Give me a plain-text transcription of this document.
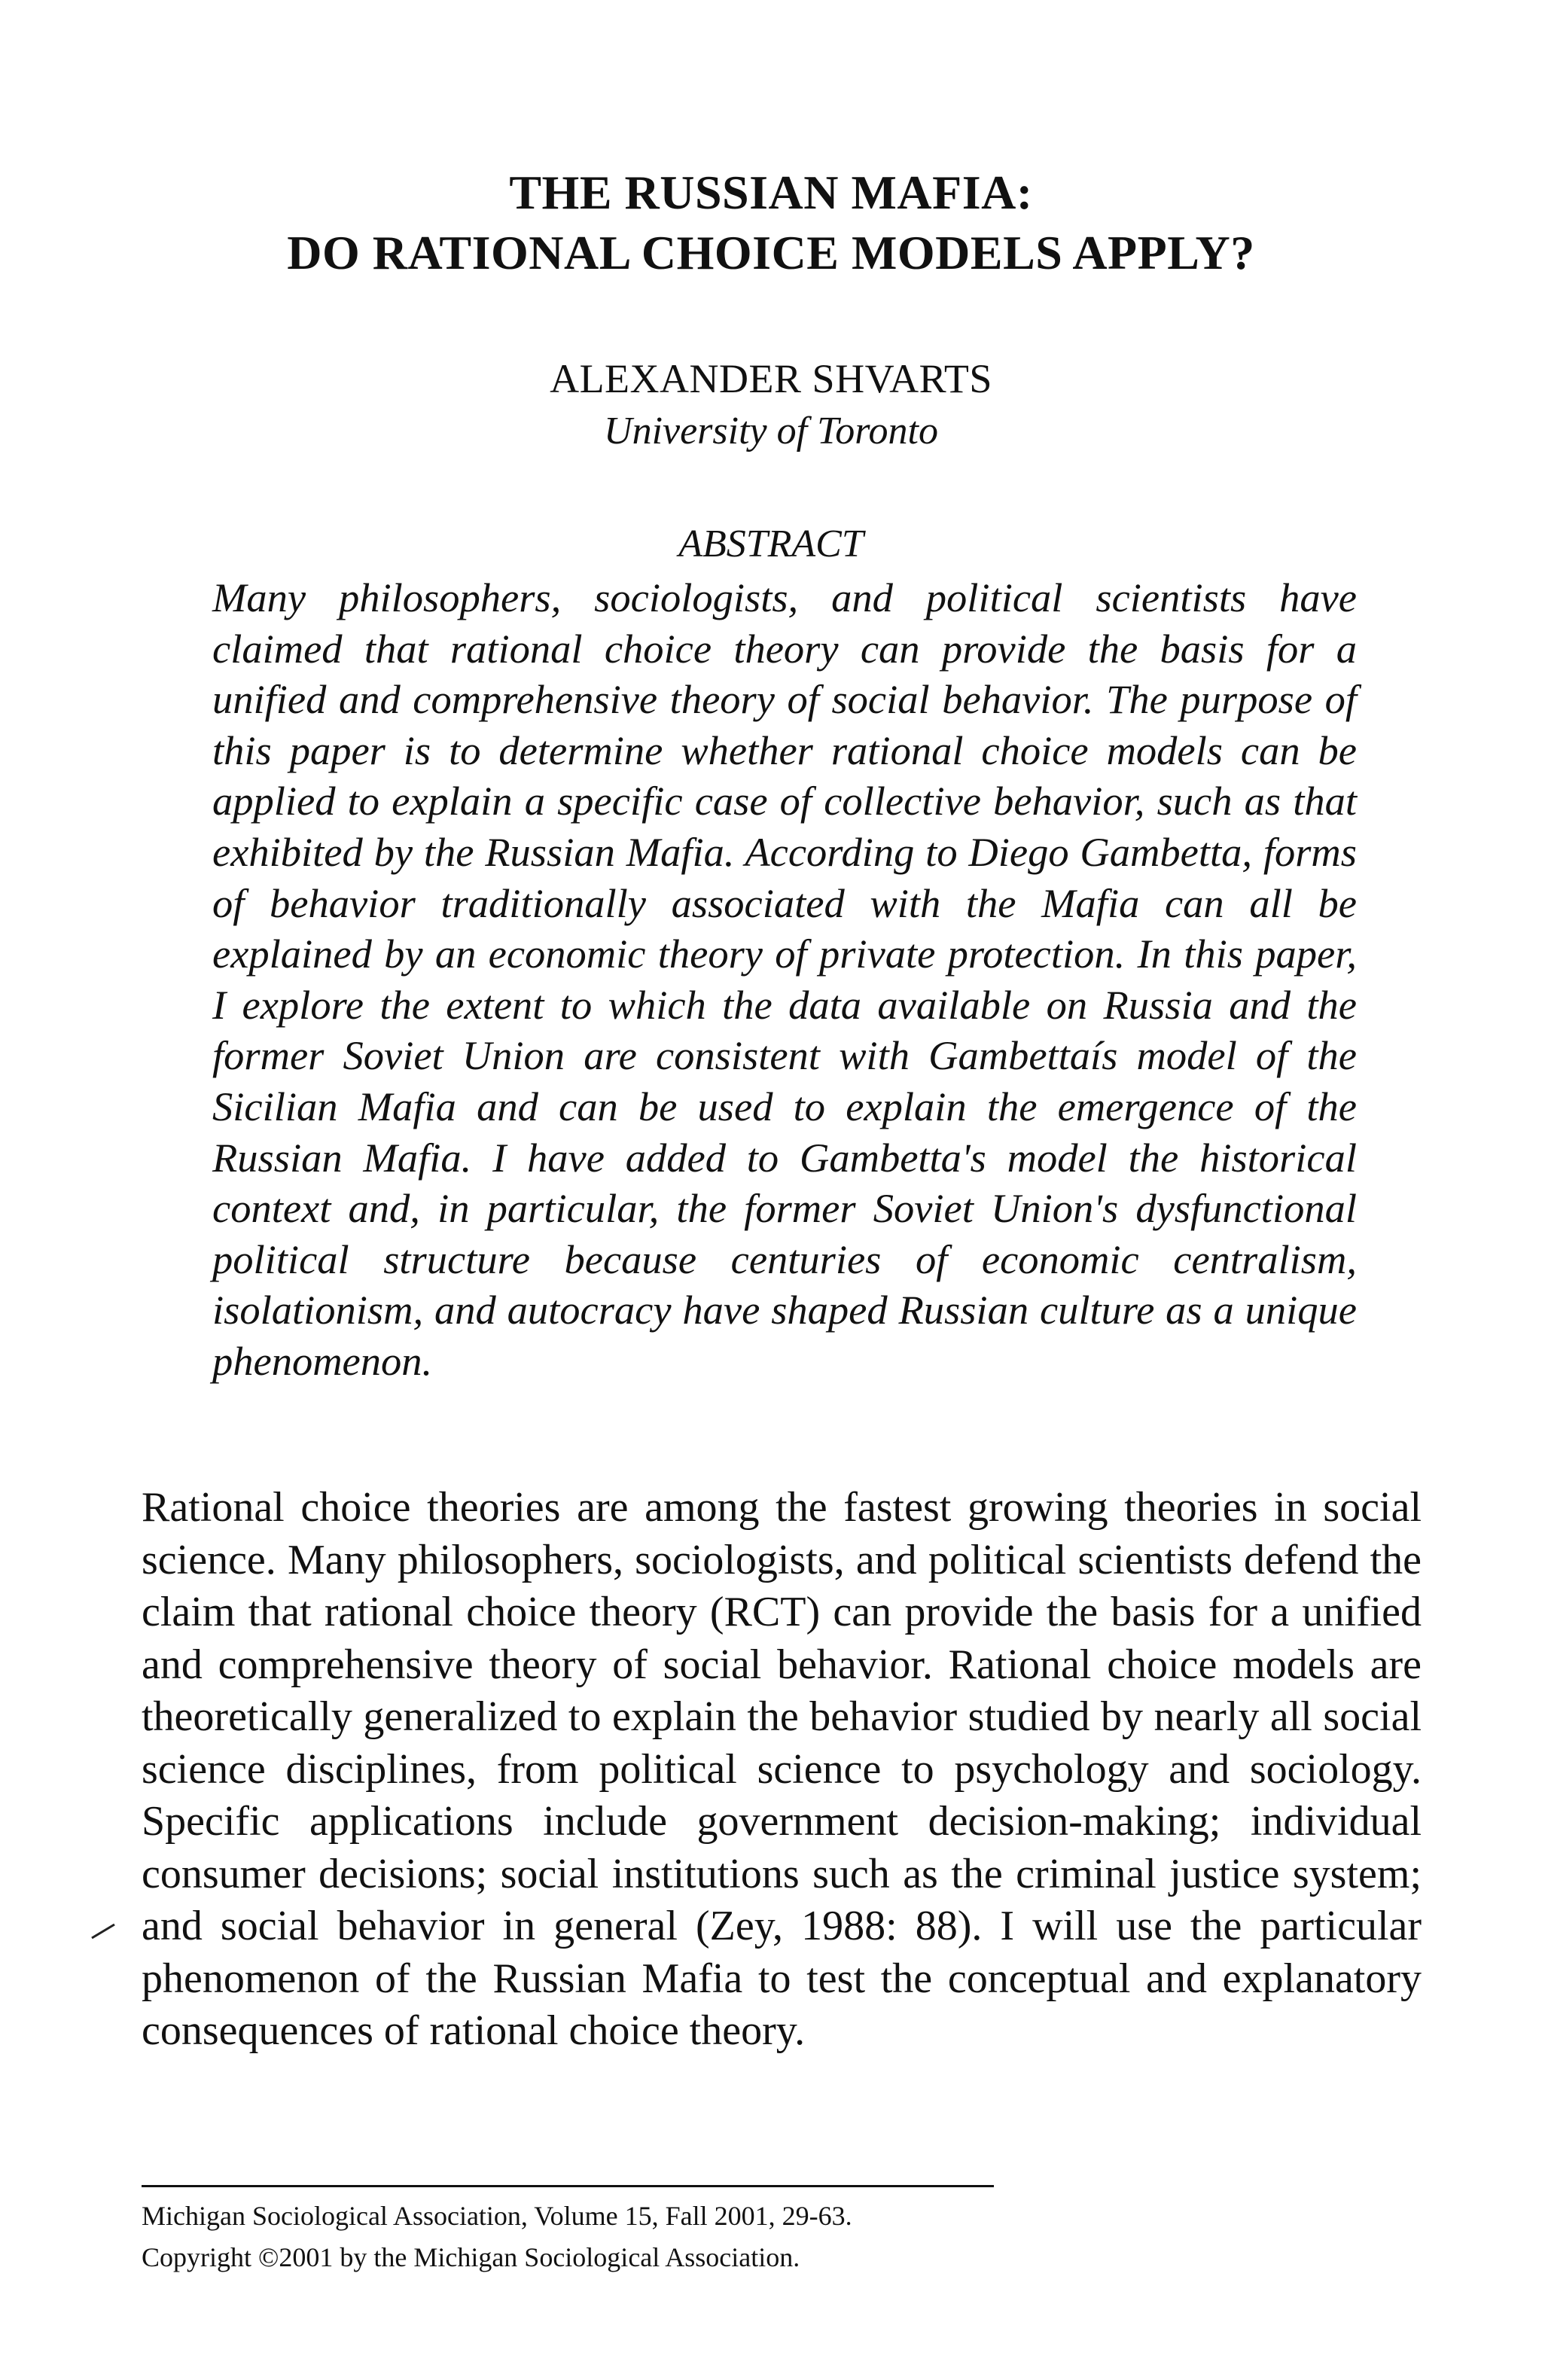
THE RUSSIAN MAFIA:

DO RATIONAL CHOICE MODELS APPLY?

ALEXANDER SHVARTS
University of Toronto
ABSTRACT
Many philosophers, sociologists, and political scientists have claimed that rational choice theory can provide the basis for a unified and comprehensive theory of social behavior. The purpose of this paper is to determine whether rational choice models can be applied to explain a specific case of collective behavior, such as that exhibited by the Russian Mafia. According to Diego Gambetta, forms of behavior traditionally associated with the Mafia can all be explained by an economic theory of private protection. In this paper, I explore the extent to which the data available on Russia and the former Soviet Union are consistent with Gambettaís model of the Sicilian Mafia and can be used to explain the emergence of the Russian Mafia. I have added to Gambetta's model the historical context and, in particular, the former Soviet Union's dysfunctional political structure because centuries of economic centralism, isolationism, and autocracy have shaped Russian culture as a unique phenomenon.
Rational choice theories are among the fastest growing theories in social science. Many philosophers, sociologists, and political scientists defend the claim that rational choice theory (RCT) can provide the basis for a unified and comprehensive theory of social behavior. Rational choice models are theoretically generalized to explain the behavior studied by nearly all social science disciplines, from political science to psychology and sociology. Specific applications include government decision-making; individual consumer decisions; social institutions such as the criminal justice system; and social behavior in general (Zey, 1988: 88). I will use the particular phenomenon of the Russian Mafia to test the conceptual and explanatory consequences of rational choice theory.
Michigan Sociological Association, Volume 15, Fall 2001, 29-63.
Copyright ©2001 by the Michigan Sociological Association.
